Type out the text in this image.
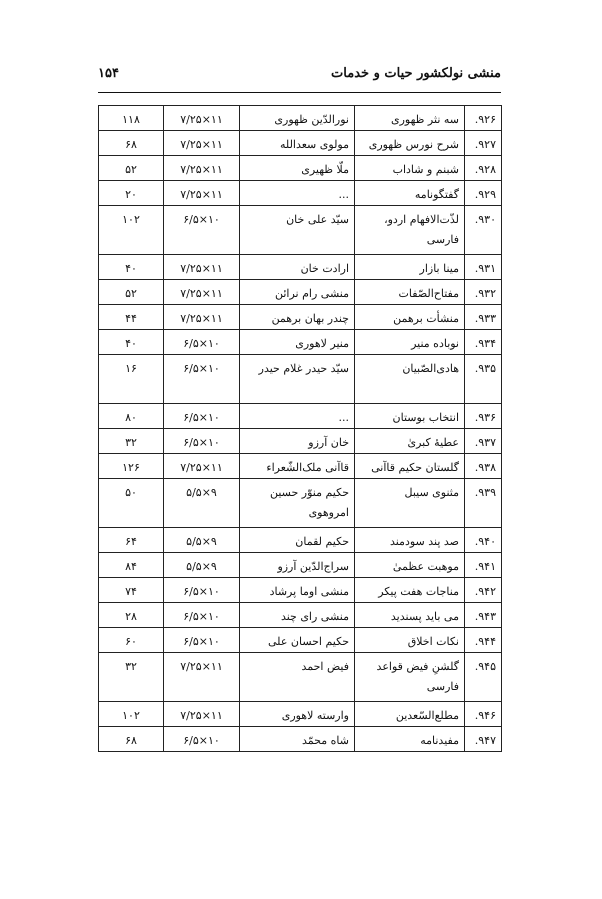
منشی نولکشور حیات و خدمات
۱۵۴
۹۲۶.	سه نثر ظهوری	نورالدّین ظهوری	۱۱×۷/۲۵	۱۱۸	
۹۲۷.	شرح نورس ظهوری	مولوی سعدالله	۱۱×۷/۲۵	۶۸	
۹۲۸.	شبنم و شاداب	ملّا ظهیری	۱۱×۷/۲۵	۵۲	
۹۲۹.	گفتگونامه	...	۱۱×۷/۲۵	۲۰	
۹۳۰.	لذّت‌الافهام اردو، فارسی	سیّد علی خان	۱۰×۶/۵	۱۰۲	
۹۳۱.	مینا بازار	ارادت خان	۱۱×۷/۲۵	۴۰	
۹۳۲.	مفتاح‌الصّفات	منشی رام نرائن	۱۱×۷/۲۵	۵۲	
۹۳۳.	منشأت برهمن	چندر بهان برهمن	۱۱×۷/۲۵	۴۴	
۹۳۴.	نوباده منیر	منیر لاهوری	۱۰×۶/۵	۴۰	
۹۳۵.	هادی‌الصّبیان	سیّد حیدر غلام حیدر	۱۰×۶/۵	۱۶	
۹۳۶.	انتخاب بوستان	...	۱۰×۶/۵	۸۰	
۹۳۷.	عطیهٔ کبریٰ	خان آرزو	۱۰×۶/۵	۳۲	
۹۳۸.	گلستان حکیم قاآنی	قاآنی ملک‌الشّعراء	۱۱×۷/۲۵	۱۲۶	
۹۳۹.	مثنوی سیبل	حکیم منوّر حسین امروهوی	۹×۵/۵	۵۰	
۹۴۰.	صد پند سودمند	حکیم لقمان	۹×۵/۵	۶۴	
۹۴۱.	موهبت عظمیٰ	سراج‌الدّین آرزو	۹×۵/۵	۸۴	
۹۴۲.	مناجات هفت پیکر	منشی اوما پرشاد	۱۰×۶/۵	۷۴	
۹۴۳.	می باید پسندید	منشی رای چند	۱۰×۶/۵	۲۸	
۹۴۴.	نکات اخلاق	حکیم احسان علی	۱۰×۶/۵	۶۰	
۹۴۵.	گلشنِ فیض قواعد فارسی	فیض احمد	۱۱×۷/۲۵	۳۲	
۹۴۶.	مطلع‌السّعدین	وارسته لاهوری	۱۱×۷/۲۵	۱۰۲	
۹۴۷.	مفیدنامه	شاه محمّد	۱۰×۶/۵	۶۸	
